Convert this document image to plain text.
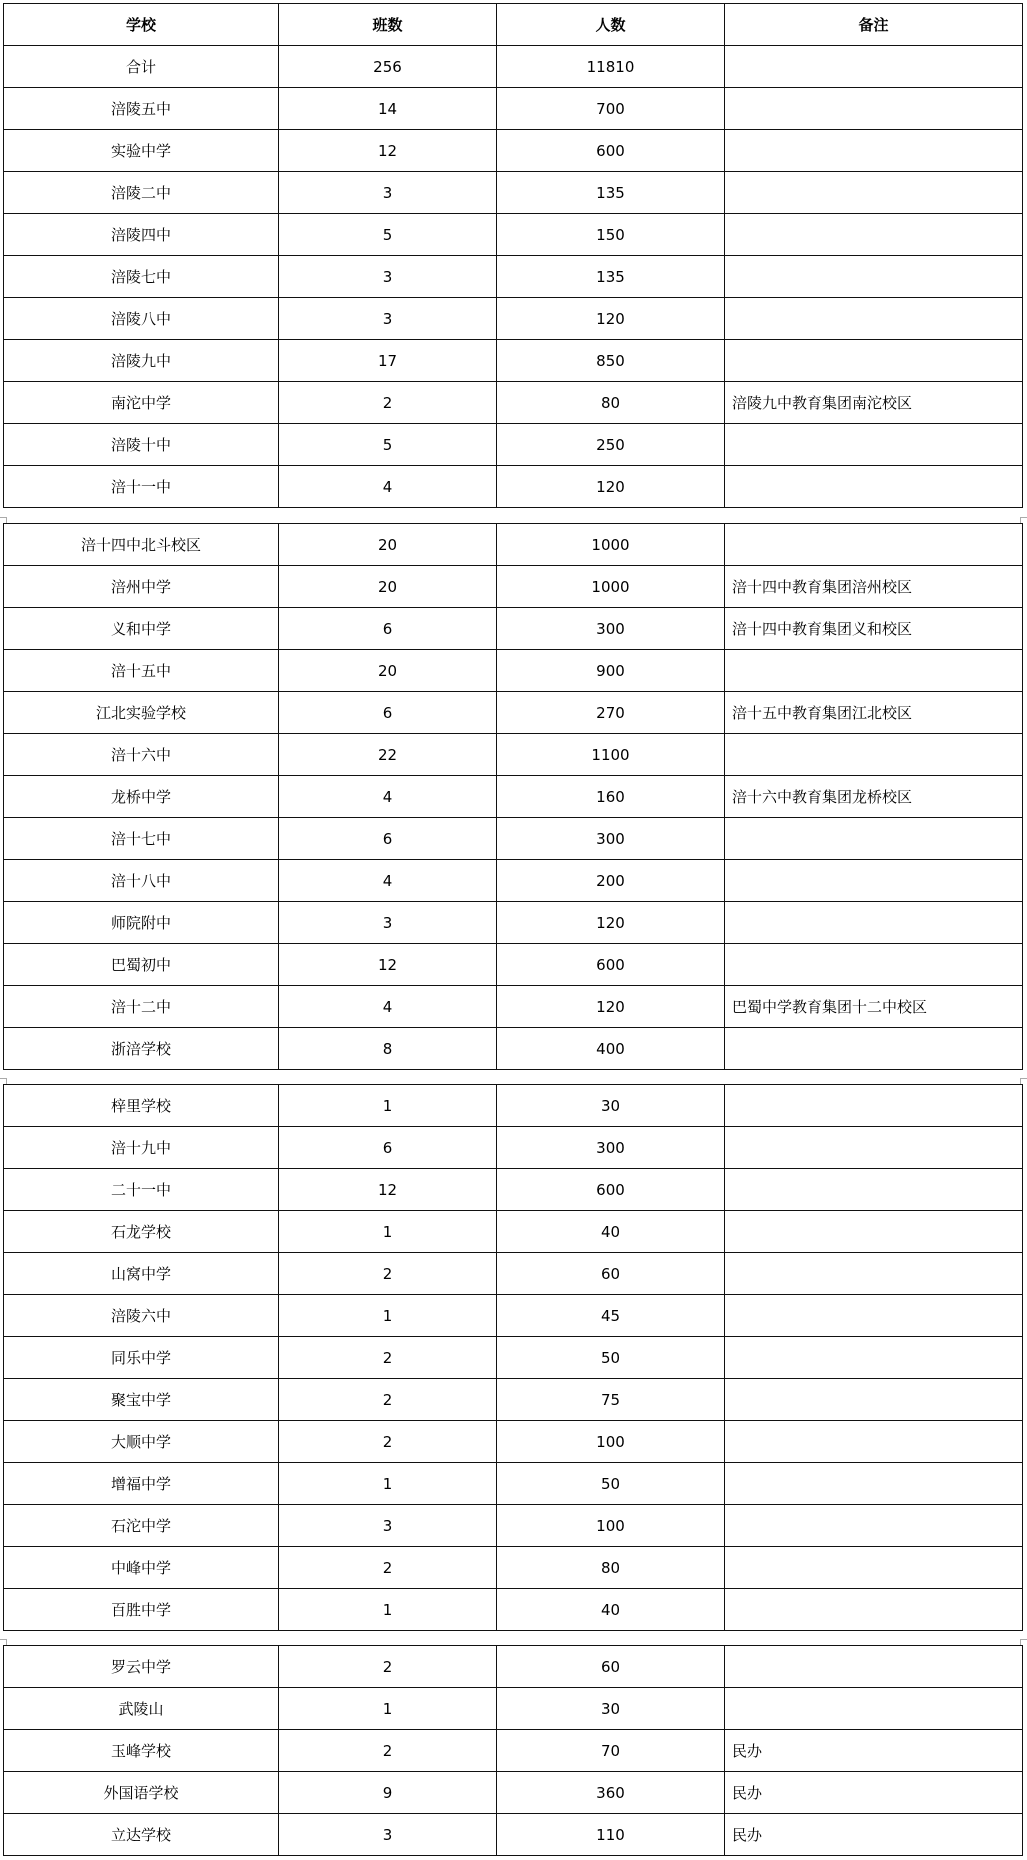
学校	班数	人数	备注
合计	256	11810	
涪陵五中	14	700	
实验中学	12	600	
涪陵二中	3	135	
涪陵四中	5	150	
涪陵七中	3	135	
涪陵八中	3	120	
涪陵九中	17	850	
南沱中学	2	80	涪陵九中教育集团南沱校区
涪陵十中	5	250	
涪十一中	4	120	
涪十四中北斗校区	20	1000	
涪州中学	20	1000	涪十四中教育集团涪州校区
义和中学	6	300	涪十四中教育集团义和校区
涪十五中	20	900	
江北实验学校	6	270	涪十五中教育集团江北校区
涪十六中	22	1100	
龙桥中学	4	160	涪十六中教育集团龙桥校区
涪十七中	6	300	
涪十八中	4	200	
师院附中	3	120	
巴蜀初中	12	600	
涪十二中	4	120	巴蜀中学教育集团十二中校区
浙涪学校	8	400	
梓里学校	1	30	
涪十九中	6	300	
二十一中	12	600	
石龙学校	1	40	
山窝中学	2	60	
涪陵六中	1	45	
同乐中学	2	50	
聚宝中学	2	75	
大顺中学	2	100	
增福中学	1	50	
石沱中学	3	100	
中峰中学	2	80	
百胜中学	1	40	
罗云中学	2	60	
武陵山	1	30	
玉峰学校	2	70	民办
外国语学校	9	360	民办
立达学校	3	110	民办
